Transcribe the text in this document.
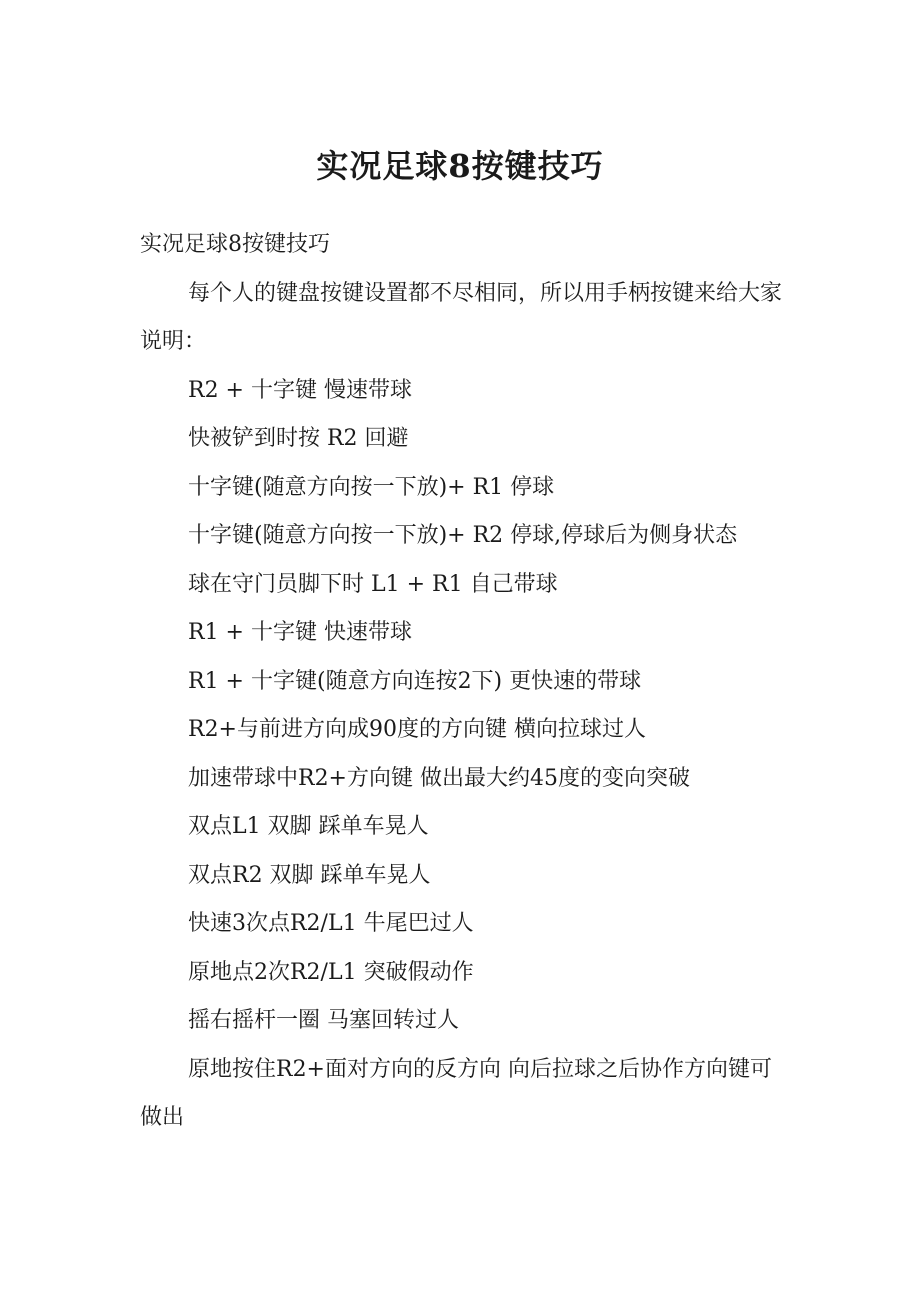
实况足球8按键技巧

实况足球8按键技巧

每个人的键盘按键设置都不尽相同，所以用手柄按键来给大家说明：

R2 + 十字键 慢速带球

快被铲到时按 R2 回避

十字键(随意方向按一下放)+ R1 停球

十字键(随意方向按一下放)+ R2 停球,停球后为侧身状态

球在守门员脚下时 L1 + R1 自己带球

R1 + 十字键 快速带球

R1 + 十字键(随意方向连按2下) 更快速的带球

R2+与前进方向成90度的方向键 横向拉球过人

加速带球中R2+方向键 做出最大约45度的变向突破

双点L1 双脚 踩单车晃人

双点R2 双脚 踩单车晃人

快速3次点R2/L1 牛尾巴过人

原地点2次R2/L1 突破假动作

摇右摇杆一圈 马塞回转过人

原地按住R2+面对方向的反方向 向后拉球之后协作方向键可做出
